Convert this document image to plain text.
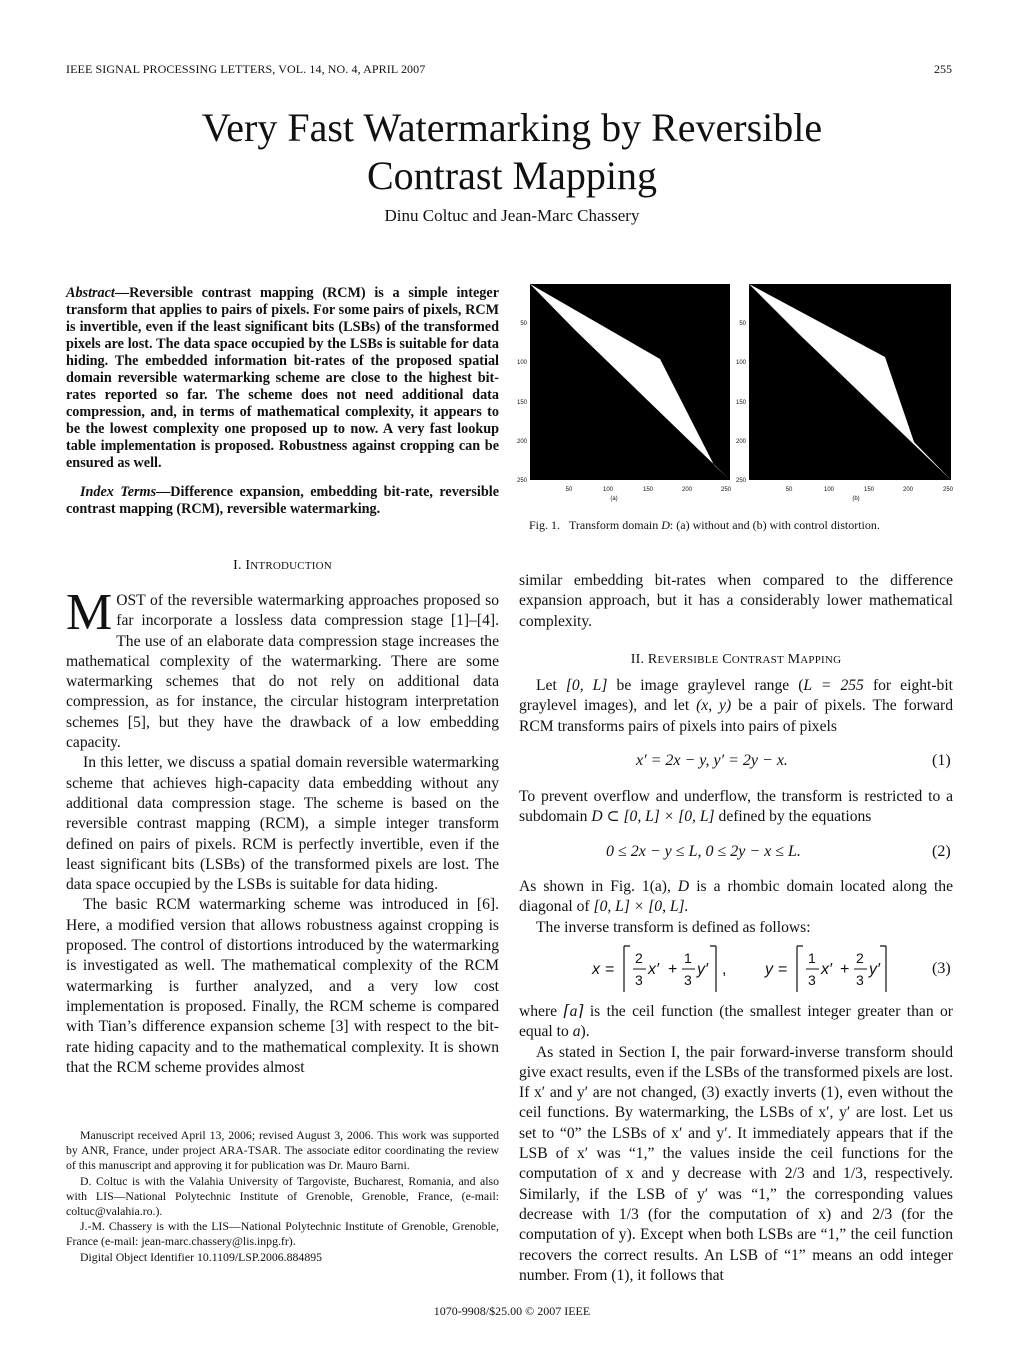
IEEE SIGNAL PROCESSING LETTERS, VOL. 14, NO. 4, APRIL 2007	255
Very Fast Watermarking by Reversible
Contrast Mapping
Dinu Coltuc and Jean-Marc Chassery
Abstract—Reversible contrast mapping (RCM) is a simple integer transform that applies to pairs of pixels. For some pairs of pixels, RCM is invertible, even if the least significant bits (LSBs) of the transformed pixels are lost. The data space occupied by the LSBs is suitable for data hiding. The embedded information bit-rates of the proposed spatial domain reversible watermarking scheme are close to the highest bit-rates reported so far. The scheme does not need additional data compression, and, in terms of mathematical complexity, it appears to be the lowest complexity one proposed up to now. A very fast lookup table implementation is proposed. Robustness against cropping can be ensured as well.
Index Terms—Difference expansion, embedding bit-rate, reversible contrast mapping (RCM), reversible watermarking.
I. INTRODUCTION

MOST of the reversible watermarking approaches proposed so far incorporate a lossless data compression stage [1]–[4]. The use of an elaborate data compression stage increases the mathematical complexity of the watermarking. There are some watermarking schemes that do not rely on additional data compression, as for instance, the circular histogram interpretation schemes [5], but they have the drawback of a low embedding capacity.

In this letter, we discuss a spatial domain reversible watermarking scheme that achieves high-capacity data embedding without any additional data compression stage. The scheme is based on the reversible contrast mapping (RCM), a simple integer transform defined on pairs of pixels. RCM is perfectly invertible, even if the least significant bits (LSBs) of the transformed pixels are lost. The data space occupied by the LSBs is suitable for data hiding.

The basic RCM watermarking scheme was introduced in [6]. Here, a modified version that allows robustness against cropping is proposed. The control of distortions introduced by the watermarking is investigated as well. The mathematical complexity of the RCM watermarking is further analyzed, and a very low cost implementation is proposed. Finally, the RCM scheme is compared with Tian’s difference expansion scheme [3] with respect to the bit-rate hiding capacity and to the mathematical complexity. It is shown that the RCM scheme provides almost

Manuscript received April 13, 2006; revised August 3, 2006. This work was supported by ANR, France, under project ARA-TSAR. The associate editor coordinating the review of this manuscript and approving it for publication was Dr. Mauro Barni.

D. Coltuc is with the Valahia University of Targoviste, Bucharest, Romania, and also with LIS—National Polytechnic Institute of Grenoble, Grenoble, France, (e-mail: coltuc@valahia.ro.).

J.-M. Chassery is with the LIS—National Polytechnic Institute of Grenoble, Grenoble, France (e-mail: jean-marc.chassery@lis.inpg.fr).

Digital Object Identifier 10.1109/LSP.2006.884895

50
100
150
200
250
50	100	150	200	250
(a)
50
100
150
200
250
50	100	150	200	250
(b)
Fig. 1. Transform domain D: (a) without and (b) with control distortion.

similar embedding bit-rates when compared to the difference expansion approach, but it has a considerably lower mathematical complexity.

II. REVERSIBLE CONTRAST MAPPING

Let [0, L] be image graylevel range (L = 255 for eight-bit graylevel images), and let (x, y) be a pair of pixels. The forward RCM transforms pairs of pixels into pairs of pixels

x′ = 2x − y, y′ = 2y − x.	(1)

To prevent overflow and underflow, the transform is restricted to a subdomain D ⊂ [0, L] × [0, L] defined by the equations

0 ≤ 2x − y ≤ L, 0 ≤ 2y − x ≤ L.	(2)

As shown in Fig. 1(a), D is a rhombic domain located along the diagonal of [0, L] × [0, L].

The inverse transform is defined as follows:

x =
2
3
x′ +
1
3
y′ , y =
1
3
x′ +
2
3
y′	(3)

where ⌈a⌉ is the ceil function (the smallest integer greater than or equal to a).

As stated in Section I, the pair forward-inverse transform should give exact results, even if the LSBs of the transformed pixels are lost. If x′ and y′ are not changed, (3) exactly inverts (1), even without the ceil functions. By watermarking, the LSBs of x′, y′ are lost. Let us set to “0” the LSBs of x′ and y′. It immediately appears that if the LSB of x′ was “1,” the values inside the ceil functions for the computation of x and y decrease with 2/3 and 1/3, respectively. Similarly, if the LSB of y′ was “1,” the corresponding values decrease with 1/3 (for the computation of x) and 2/3 (for the computation of y). Except when both LSBs are “1,” the ceil function recovers the correct results. An LSB of “1” means an odd integer number. From (1), it follows that

1070-9908/$25.00 © 2007 IEEE
